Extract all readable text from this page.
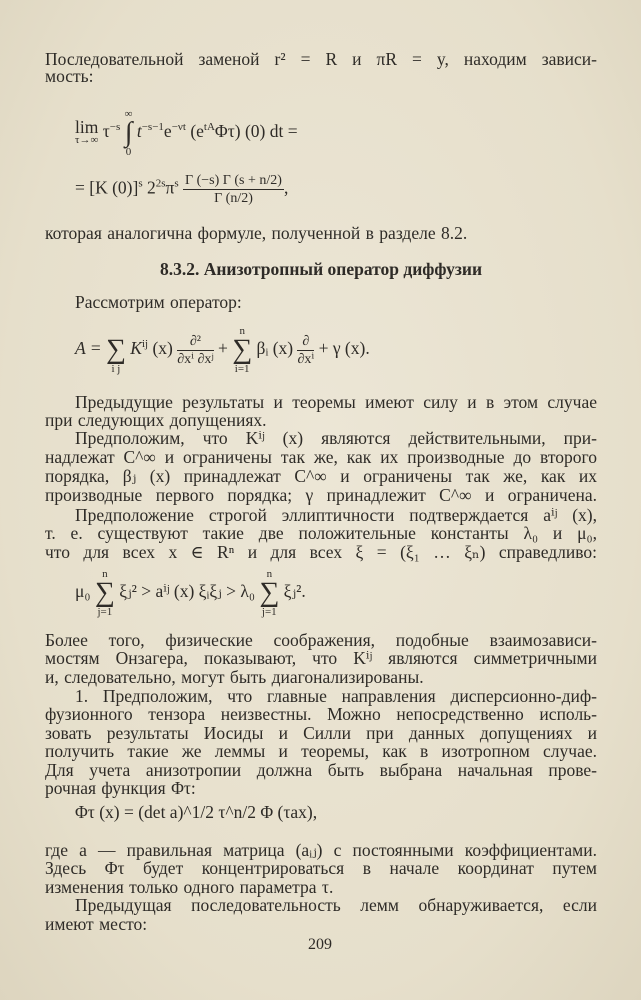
Последовательной заменой r² = R и πR = y, находим зависи-
мость:
lim
τ→∞ $\tau^{-s}$
∞
∫
0
$t^{-s-1}e^{-\nu t}$ $(e^{tA}\Phi\tau)$ (0) dt =
= [K (0)]$^s$ $2^{2s}\pi^s \frac{\Gamma (-s) \Gamma (s + n/2)}{\Gamma (n/2)}$ ,
которая аналогична формуле, полученной в разделе 8.2.
8.3.2. Анизотропный оператор диффузии
Рассмотрим оператор:
A =
∑
i j
$K^{ij}$ $(x) \frac{\text{∂²}}{\text{∂xⁱ ∂xʲ}}$ +
n
∑
i=1
βᵢ $(x) \frac{\partial}{\text{∂xⁱ}} + \gamma$ (x).
Предыдущие результаты и теоремы имеют силу и в этом случае
при следующих допущениях.
Предположим, что Kⁱʲ (x) являются действительными, при-
надлежат C^∞ и ограничены так же, как их производные до второго
порядка, βⱼ (x) принадлежат C^∞ и ограничены так же, как их
производные первого порядка; γ принадлежит C^∞ и ограничена.
Предположение строгой эллиптичности подтверждается aⁱʲ (x),
т. е. существуют такие две положительные константы λ₀ и μ₀,
что для всех x ∈ Rⁿ и для всех ξ = (ξ₁ … ξₙ) справедливо:
μ₀
n
∑
j=1
ξⱼ² > aⁱʲ (x) ξᵢξⱼ > λ₀
n
∑
j=1
ξⱼ².
Более того, физические соображения, подобные взаимозависи-
мостям Онзагера, показывают, что Kⁱʲ являются симметричными
и, следовательно, могут быть диагонализированы.
1. Предположим, что главные направления дисперсионно-диф-
фузионного тензора неизвестны. Можно непосредственно исполь-
зовать результаты Иосиды и Силли при данных допущениях и
получить такие же леммы и теоремы, как в изотропном случае.
Для учета анизотропии должна быть выбрана начальная прове-
рочная функция Φτ:
Φτ (x) = (det a)^1/2 τ^n/2 Φ (τax),
где a — правильная матрица (aᵢⱼ) с постоянными коэффициентами.
Здесь Φτ будет концентрироваться в начале координат путем
изменения только одного параметра τ.
Предыдущая последовательность лемм обнаруживается, если
имеют место:
209
